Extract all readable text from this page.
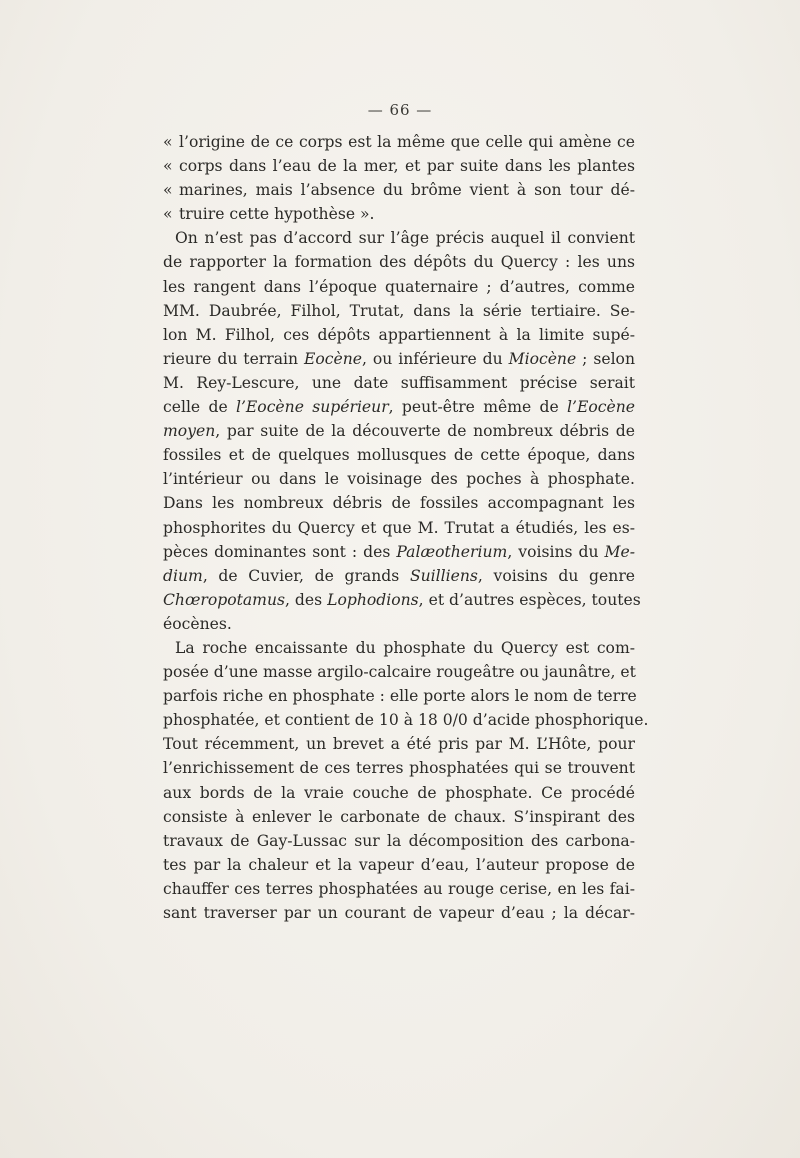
— 66 —
« l’origine de ce corps est la même que celle qui amène ce
« corps dans l’eau de la mer, et par suite dans les plantes
« marines, mais l’absence du brôme vient à son tour dé-
« truire cette hypothèse ».
On n’est pas d’accord sur l’âge précis auquel il convient
de rapporter la formation des dépôts du Quercy : les uns
les rangent dans l’époque quaternaire ; d’autres, comme
MM. Daubrée, Filhol, Trutat, dans la série tertiaire. Se-
lon M. Filhol, ces dépôts appartiennent à la limite supé-
rieure du terrain Eocène, ou inférieure du Miocène ; selon
M. Rey-Lescure, une date suffisamment précise serait
celle de l’Eocène supérieur, peut-être même de l’Eocène
moyen, par suite de la découverte de nombreux débris de
fossiles et de quelques mollusques de cette époque, dans
l’intérieur ou dans le voisinage des poches à phosphate.
Dans les nombreux débris de fossiles accompagnant les
phosphorites du Quercy et que M. Trutat a étudiés, les es-
pèces dominantes sont : des Palæotherium, voisins du Me-
dium, de Cuvier, de grands Suilliens, voisins du genre
Chœropotamus, des Lophodions, et d’autres espèces, toutes
éocènes.
La roche encaissante du phosphate du Quercy est com-
posée d’une masse argilo-calcaire rougeâtre ou jaunâtre, et
parfois riche en phosphate : elle porte alors le nom de terre
phosphatée, et contient de 10 à 18 0/0 d’acide phosphorique.
Tout récemment, un brevet a été pris par M. L’Hôte, pour
l’enrichissement de ces terres phosphatées qui se trouvent
aux bords de la vraie couche de phosphate. Ce procédé
consiste à enlever le carbonate de chaux. S’inspirant des
travaux de Gay-Lussac sur la décomposition des carbona-
tes par la chaleur et la vapeur d’eau, l’auteur propose de
chauffer ces terres phosphatées au rouge cerise, en les fai-
sant traverser par un courant de vapeur d’eau ; la décar-
